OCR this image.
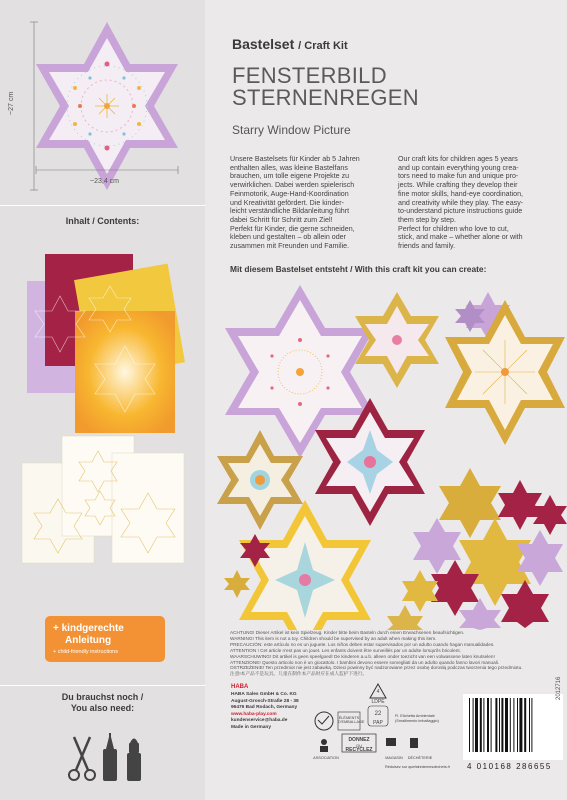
~27 cm
~23,4 cm
Inhalt / Contents:
+ kindgerechte
Anleitung
+ child-friendly instructions
Du brauchst noch /
You also need:
Bastelset / Craft Kit
FENSTERBILD
STERNENREGEN
Starry Window Picture
Unsere Bastelsets für Kinder ab 5 Jahren
enthalten alles, was kleine Bastelfans
brauchen, um tolle eigene Projekte zu
verwirklichen. Dabei werden spielerisch
Feinmotorik, Auge-Hand-Koordination
und Kreativität gefördert. Die kinder-
leicht verständliche Bildanleitung führt
dabei Schritt für Schritt zum Ziel!
Perfekt für Kinder, die gerne schneiden,
kleben und gestalten – ob allein oder
zusammen mit Freunden und Familie.
Our craft kits for children ages 5 years
and up contain everything young crea-
tors need to make fun and unique pro-
jects. While crafting they develop their
fine motor skills, hand-eye coordination,
and creativity while they play. The easy-
to-understand picture instructions guide
them step by step.
Perfect for children who love to cut,
stick, and make – whether alone or with
friends and family.
Mit diesem Bastelset entsteht / With this craft kit you can create:
ACHTUNG! Dieser Artikel ist kein Spielzeug. Kinder bitte beim Basteln durch einen Erwachsenen beaufsichtigen.
WARNING! This item is not a toy. Children should be supervised by an adult when making this item.
PRECAUCIÓN: este artículo no es un juguete. Los niños deben estar supervisados por un adulto cuando hagan manualidades.
ATTENTION ! Cet article n'est pas un jouet. Les enfants doivent être surveillés par un adulte lorsqu'ils bricolent.
WAARSCHUWING! Dit artikel is geen speelgoed! De kinderen a.u.b. alleen onder toezicht van een volwassene laten knutselen!
ATTENZIONE! Questo articolo non è un giocattolo. I bambini devono essere sorvegliati da un adulto quando fanno lavori manuali.
OSTRZEŻENIE! Ten przedmiot nie jest zabawką. Dzieci powinny być nadzorowane przez osobę dorosłą podczas tworzenia tego przedmiotu.
注意!本产品不是玩具。儿童在制作本产品时应在成人监护下进行。
HABA
HABA Sales GmbH & Co. KG
August-Grosch-Straße 28 - 38
96476 Bad Rodach, Germany
www.haba-play.com
kundenservice@haba.de
Made in Germany
ÉLÉMENTS D'EMBALLAGE
4
LDPE
22
PAP
Fl. Etichetta Ambientale
(Smaltimento imballaggio)
DONNEZ
OU
RECYCLEZ
ASSOCIATION	MAGASIN	DÉCHÈTERIE
Réduisez sur quefairedemesdechets.fr 4 010168 286655
2012716
